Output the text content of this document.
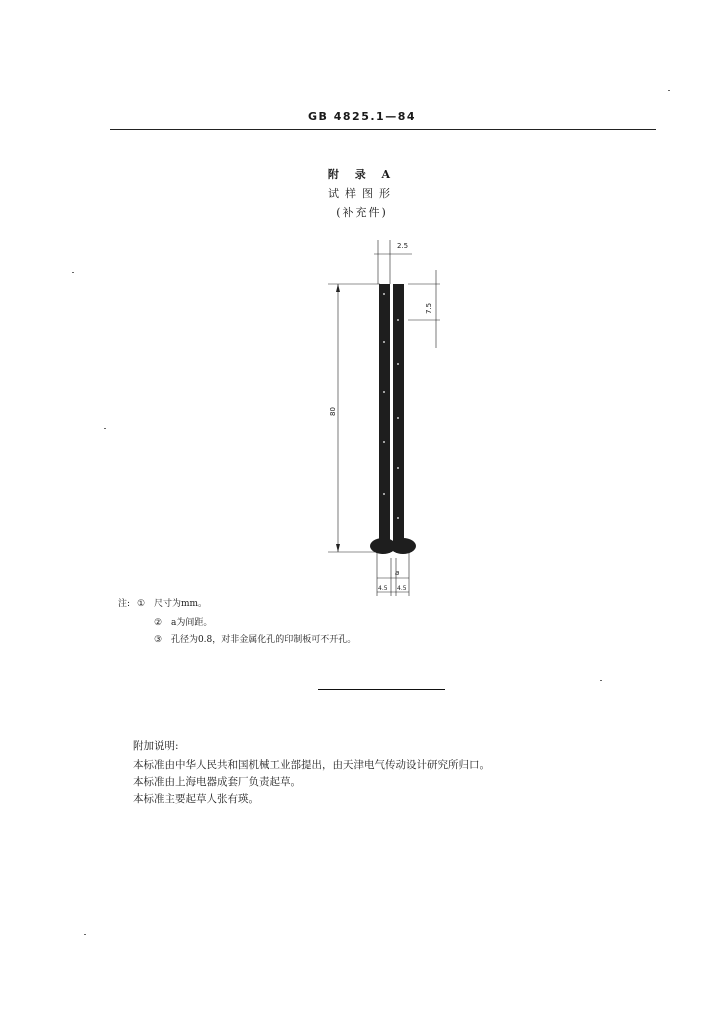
GB 4825.1—84
附 录 A
试样图形
(补充件)
2.5
7.5
80
a
4.5 4.5
注: ① 尺寸为mm。
② a为间距。
③ 孔径为0.8，对非金属化孔的印制板可不开孔。
附加说明:
本标准由中华人民共和国机械工业部提出，由天津电气传动设计研究所归口。
本标准由上海电器成套厂负责起草。
本标准主要起草人张有瑛。
